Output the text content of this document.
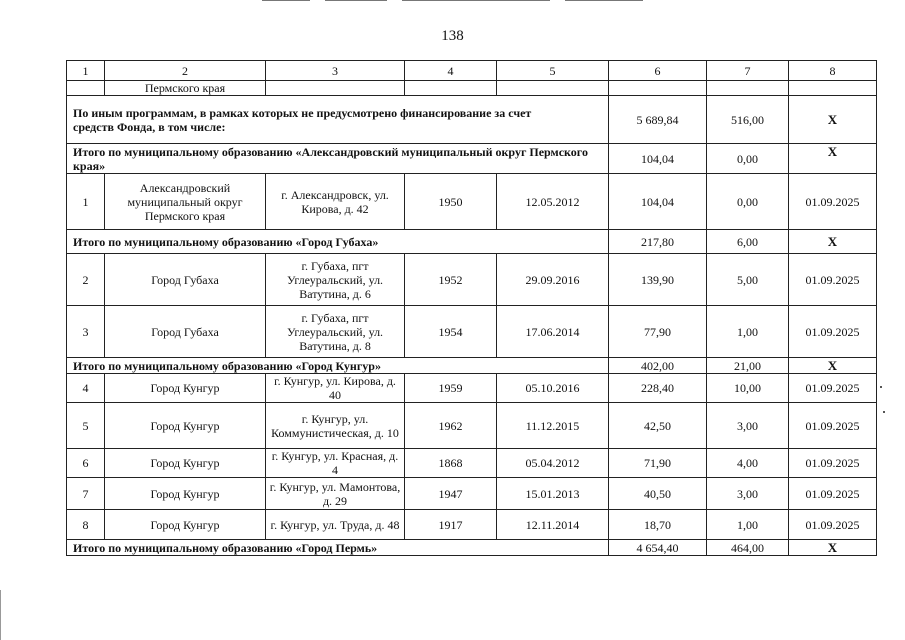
138
1	2	3	4	5	6	7	8
	Пермского края						
По иным программам, в рамках которых не предусмотрено финансирование за счет средств Фонда, в том числе:					5 689,84	516,00	X
Итого по муниципальному образованию «Александровский муниципальный округ Пермского края»					104,04	0,00	X
1	Александровский муниципальный округ Пермского края	г. Александровск, ул. Кирова, д. 42	1950	12.05.2012	104,04	0,00	01.09.2025
Итого по муниципальному образованию «Город Губаха»					217,80	6,00	X
2	Город Губаха	г. Губаха, пгт Углеуральский, ул. Ватутина, д. 6	1952	29.09.2016	139,90	5,00	01.09.2025
3	Город Губаха	г. Губаха, пгт Углеуральский, ул. Ватутина, д. 8	1954	17.06.2014	77,90	1,00	01.09.2025
Итого по муниципальному образованию «Город Кунгур»					402,00	21,00	X
4	Город Кунгур	г. Кунгур, ул. Кирова, д. 40	1959	05.10.2016	228,40	10,00	01.09.2025
5	Город Кунгур	г. Кунгур, ул. Коммунистическая, д. 10	1962	11.12.2015	42,50	3,00	01.09.2025
6	Город Кунгур	г. Кунгур, ул. Красная, д. 4	1868	05.04.2012	71,90	4,00	01.09.2025
7	Город Кунгур	г. Кунгур, ул. Мамонтова, д. 29	1947	15.01.2013	40,50	3,00	01.09.2025
8	Город Кунгур	г. Кунгур, ул. Труда, д. 48	1917	12.11.2014	18,70	1,00	01.09.2025
Итого по муниципальному образованию «Город Пермь»					4 654,40	464,00	X
